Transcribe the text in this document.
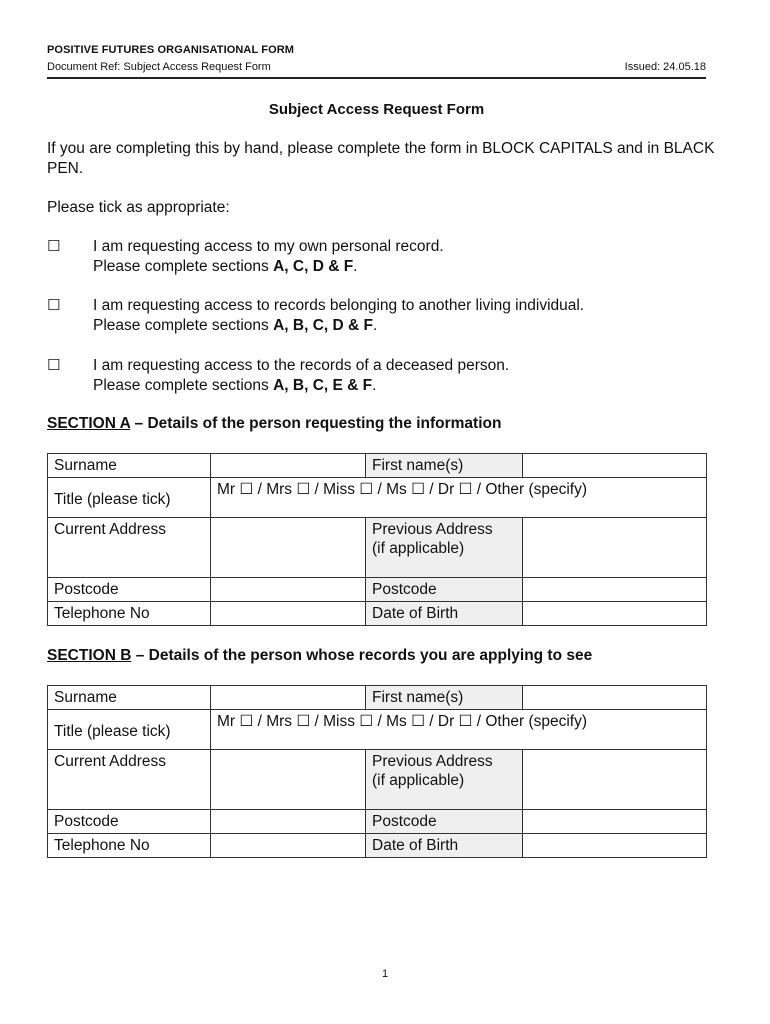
POSITIVE FUTURES ORGANISATIONAL FORM
Document Ref: Subject Access Request Form	Issued: 24.05.18
Subject Access Request Form
If you are completing this by hand, please complete the form in BLOCK CAPITALS and in BLACK PEN.
Please tick as appropriate:
☐ I am requesting access to my own personal record.
Please complete sections A, C, D & F.
☐ I am requesting access to records belonging to another living individual.
Please complete sections A, B, C, D & F.
☐ I am requesting access to the records of a deceased person.
Please complete sections A, B, C, E & F.
SECTION A – Details of the person requesting the information
Surname		First name(s)	
Title (please tick)	Mr ☐ / Mrs ☐ / Miss ☐ / Ms ☐ / Dr ☐ / Other (specify)		
Current Address		Previous Address
(if applicable)	

Postcode		Postcode	
Telephone No		Date of Birth	
SECTION B – Details of the person whose records you are applying to see
Surname		First name(s)	
Title (please tick)	Mr ☐ / Mrs ☐ / Miss ☐ / Ms ☐ / Dr ☐ / Other (specify)		
Current Address		Previous Address
(if applicable)	

Postcode		Postcode	
Telephone No		Date of Birth	
1
